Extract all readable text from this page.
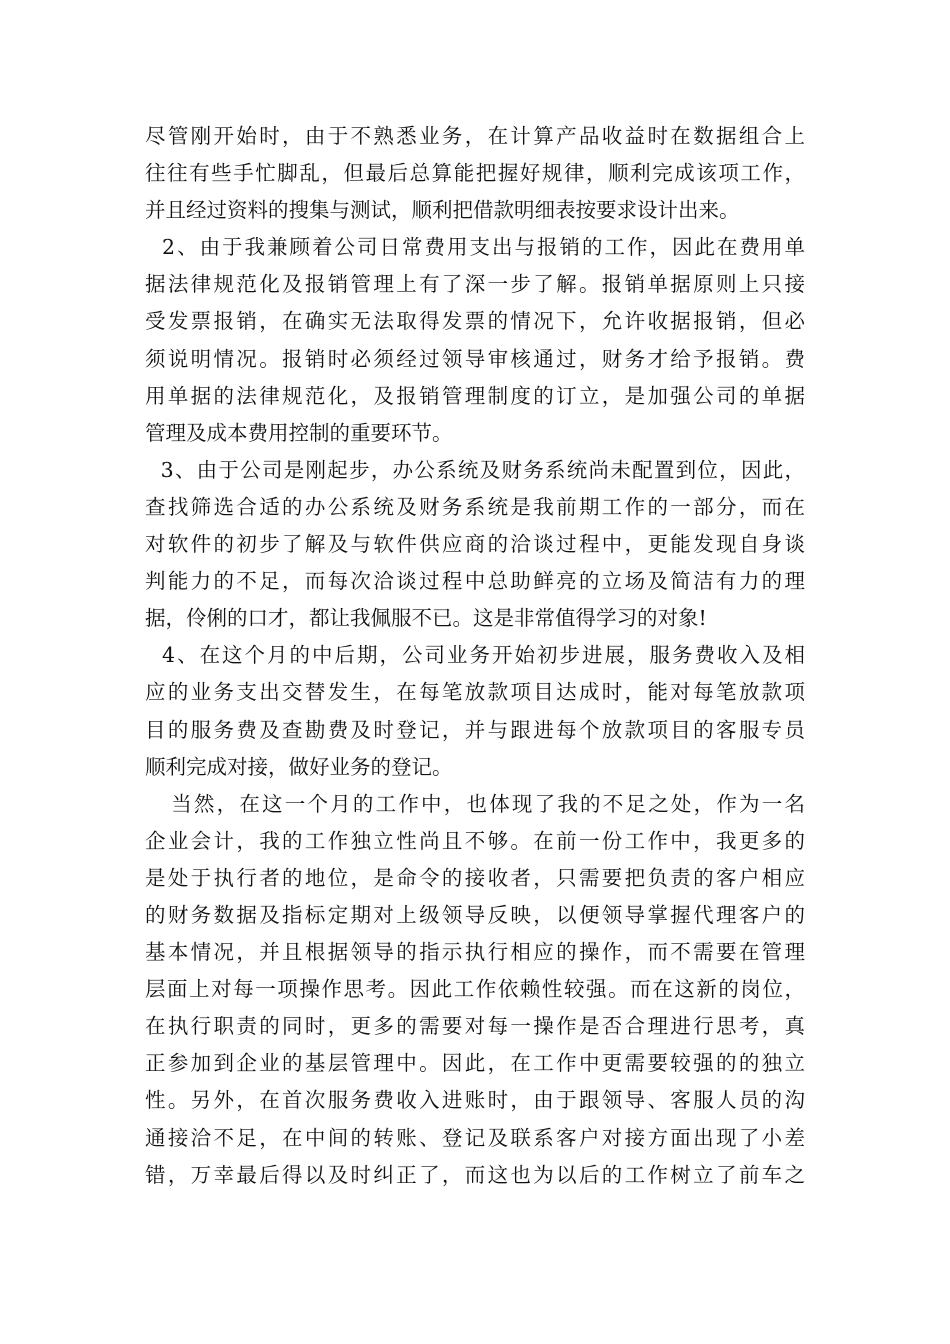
尽管刚开始时，由于不熟悉业务，在计算产品收益时在数据组合上
往往有些手忙脚乱，但最后总算能把握好规律，顺利完成该项工作，
并且经过资料的搜集与测试，顺利把借款明细表按要求设计出来。
2、由于我兼顾着公司日常费用支出与报销的工作，因此在费用单
据法律规范化及报销管理上有了深一步了解。报销单据原则上只接
受发票报销，在确实无法取得发票的情况下，允许收据报销，但必
须说明情况。报销时必须经过领导审核通过，财务才给予报销。费
用单据的法律规范化，及报销管理制度的订立，是加强公司的单据
管理及成本费用控制的重要环节。
3、由于公司是刚起步，办公系统及财务系统尚未配置到位，因此，
查找筛选合适的办公系统及财务系统是我前期工作的一部分，而在
对软件的初步了解及与软件供应商的洽谈过程中，更能发现自身谈
判能力的不足，而每次洽谈过程中总助鲜亮的立场及简洁有力的理
据，伶俐的口才，都让我佩服不已。这是非常值得学习的对象!
4、在这个月的中后期，公司业务开始初步进展，服务费收入及相
应的业务支出交替发生，在每笔放款项目达成时，能对每笔放款项
目的服务费及查勘费及时登记，并与跟进每个放款项目的客服专员
顺利完成对接，做好业务的登记。
当然，在这一个月的工作中，也体现了我的不足之处，作为一名
企业会计，我的工作独立性尚且不够。在前一份工作中，我更多的
是处于执行者的地位，是命令的接收者，只需要把负责的客户相应
的财务数据及指标定期对上级领导反映，以便领导掌握代理客户的
基本情况，并且根据领导的指示执行相应的操作，而不需要在管理
层面上对每一项操作思考。因此工作依赖性较强。而在这新的岗位，
在执行职责的同时，更多的需要对每一操作是否合理进行思考，真
正参加到企业的基层管理中。因此，在工作中更需要较强的的独立
性。另外，在首次服务费收入进账时，由于跟领导、客服人员的沟
通接洽不足，在中间的转账、登记及联系客户对接方面出现了小差
错，万幸最后得以及时纠正了，而这也为以后的工作树立了前车之
